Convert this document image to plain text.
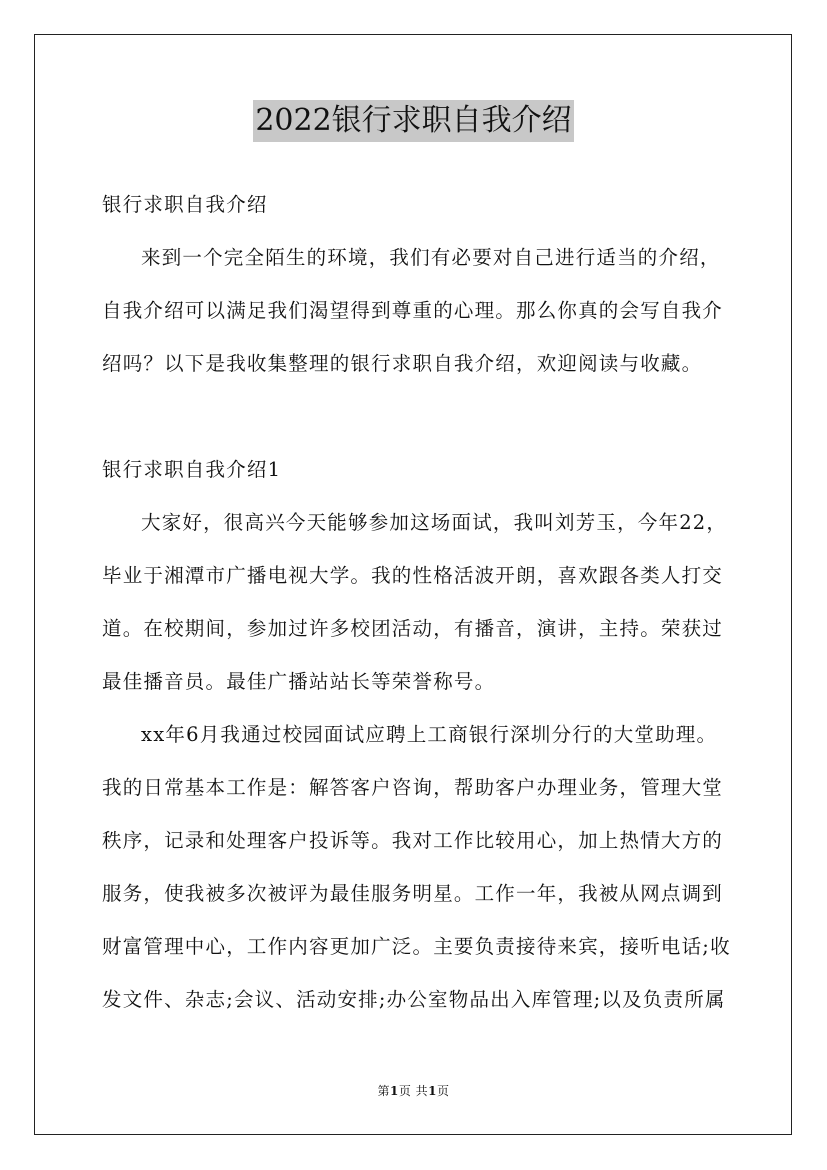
2022银行求职自我介绍

银行求职自我介绍

来到一个完全陌生的环境，我们有必要对自己进行适当的介绍，自我介绍可以满足我们渴望得到尊重的心理。那么你真的会写自我介绍吗？以下是我收集整理的银行求职自我介绍，欢迎阅读与收藏。

银行求职自我介绍1

大家好，很高兴今天能够参加这场面试，我叫刘芳玉，今年22，毕业于湘潭市广播电视大学。我的性格活波开朗，喜欢跟各类人打交道。在校期间，参加过许多校团活动，有播音，演讲，主持。荣获过最佳播音员。最佳广播站站长等荣誉称号。

xx年6月我通过校园面试应聘上工商银行深圳分行的大堂助理。我的日常基本工作是：解答客户咨询，帮助客户办理业务，管理大堂秩序，记录和处理客户投诉等。我对工作比较用心，加上热情大方的服务，使我被多次被评为最佳服务明星。工作一年，我被从网点调到财富管理中心，工作内容更加广泛。主要负责接待来宾，接听电话;收发文件、杂志;会议、活动安排;办公室物品出入库管理;以及负责所属

第1页 共1页
